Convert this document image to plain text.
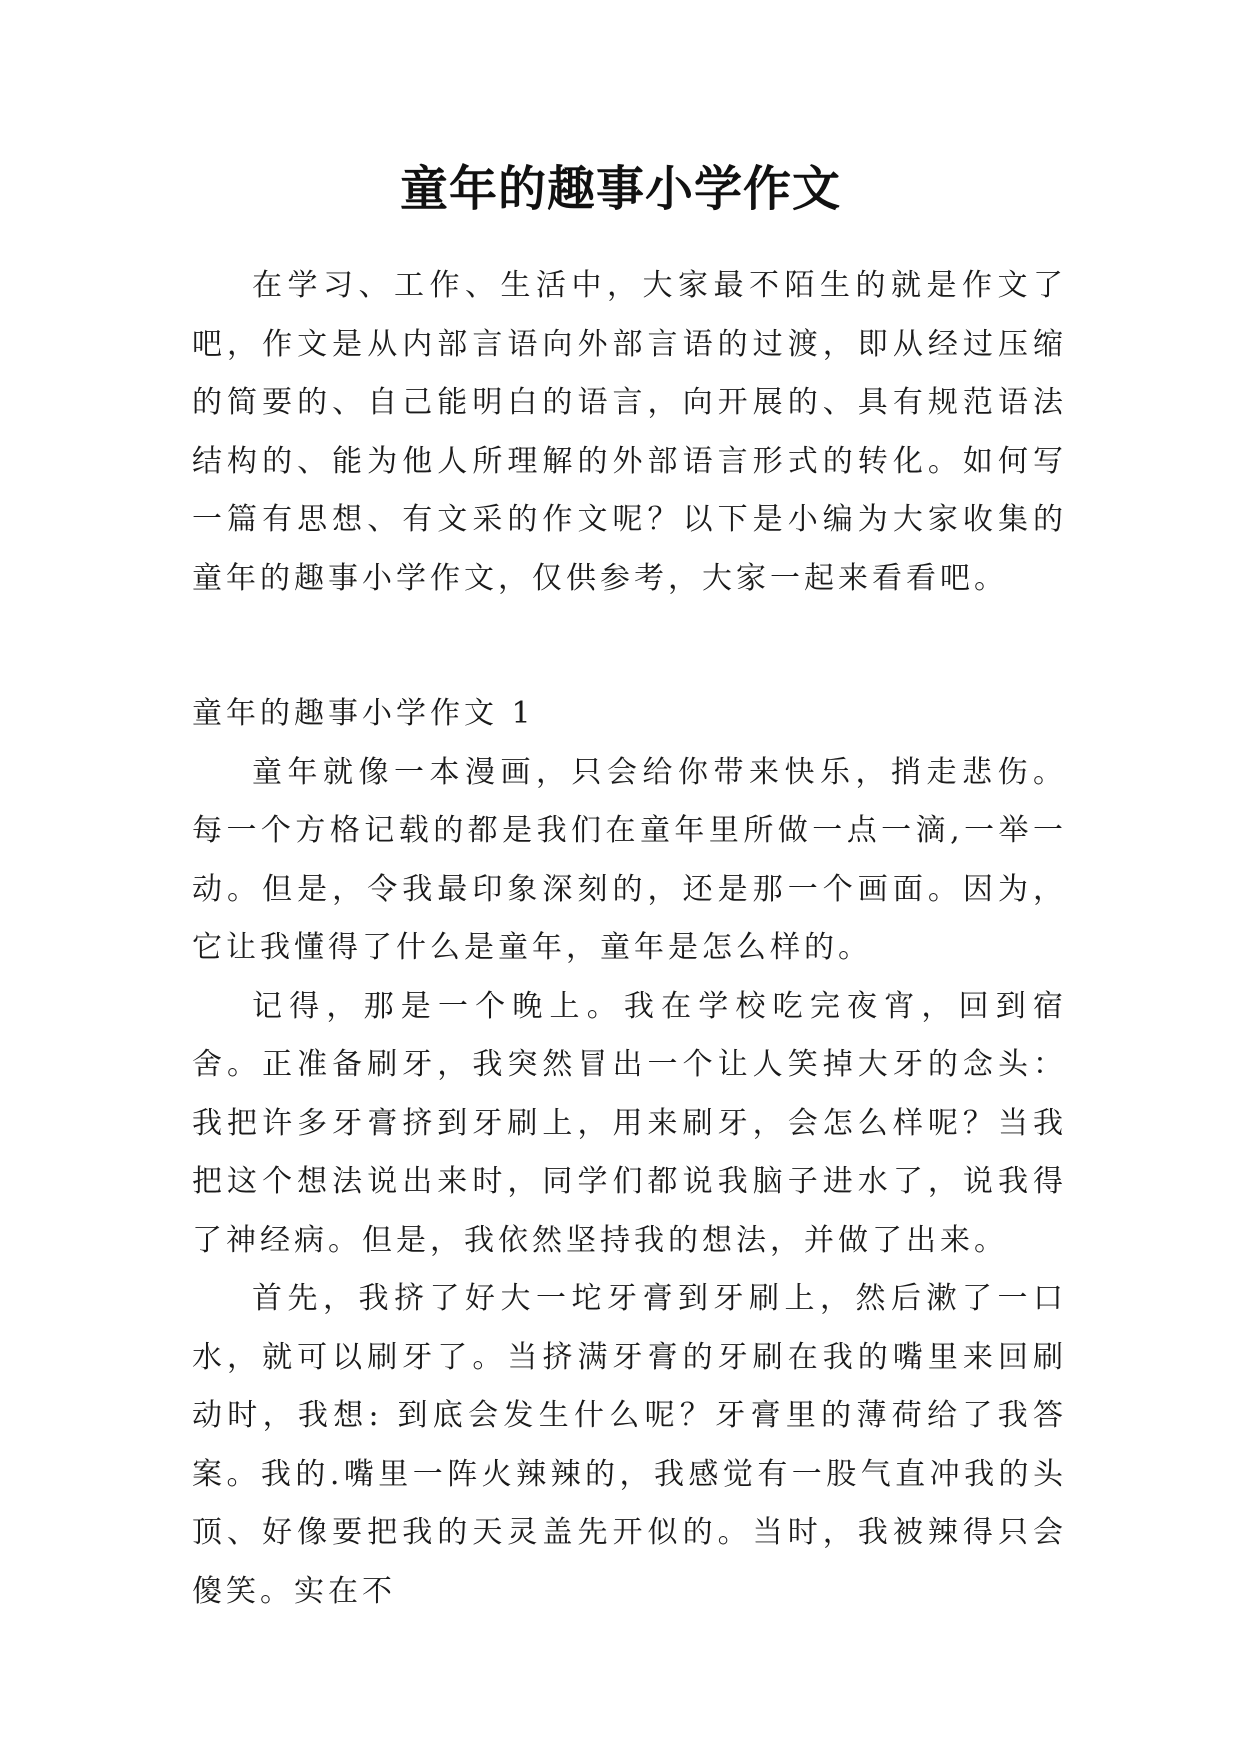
童年的趣事小学作文

在学习、工作、生活中，大家最不陌生的就是作文了吧，作文是从内部言语向外部言语的过渡，即从经过压缩的简要的、自己能明白的语言，向开展的、具有规范语法结构的、能为他人所理解的外部语言形式的转化。如何写一篇有思想、有文采的作文呢？以下是小编为大家收集的童年的趣事小学作文，仅供参考，大家一起来看看吧。

童年的趣事小学作文 1

童年就像一本漫画，只会给你带来快乐，捎走悲伤。每一个方格记载的都是我们在童年里所做一点一滴,一举一动。但是，令我最印象深刻的，还是那一个画面。因为，它让我懂得了什么是童年，童年是怎么样的。

记得，那是一个晚上。我在学校吃完夜宵，回到宿舍。正准备刷牙，我突然冒出一个让人笑掉大牙的念头：我把许多牙膏挤到牙刷上，用来刷牙，会怎么样呢？当我把这个想法说出来时，同学们都说我脑子进水了，说我得了神经病。但是，我依然坚持我的想法，并做了出来。

首先，我挤了好大一坨牙膏到牙刷上，然后漱了一口水，就可以刷牙了。当挤满牙膏的牙刷在我的嘴里来回刷动时，我想: 到底会发生什么呢？牙膏里的薄荷给了我答案。我的.嘴里一阵火辣辣的，我感觉有一股气直冲我的头顶、好像要把我的天灵盖先开似的。当时，我被辣得只会傻笑。实在不
